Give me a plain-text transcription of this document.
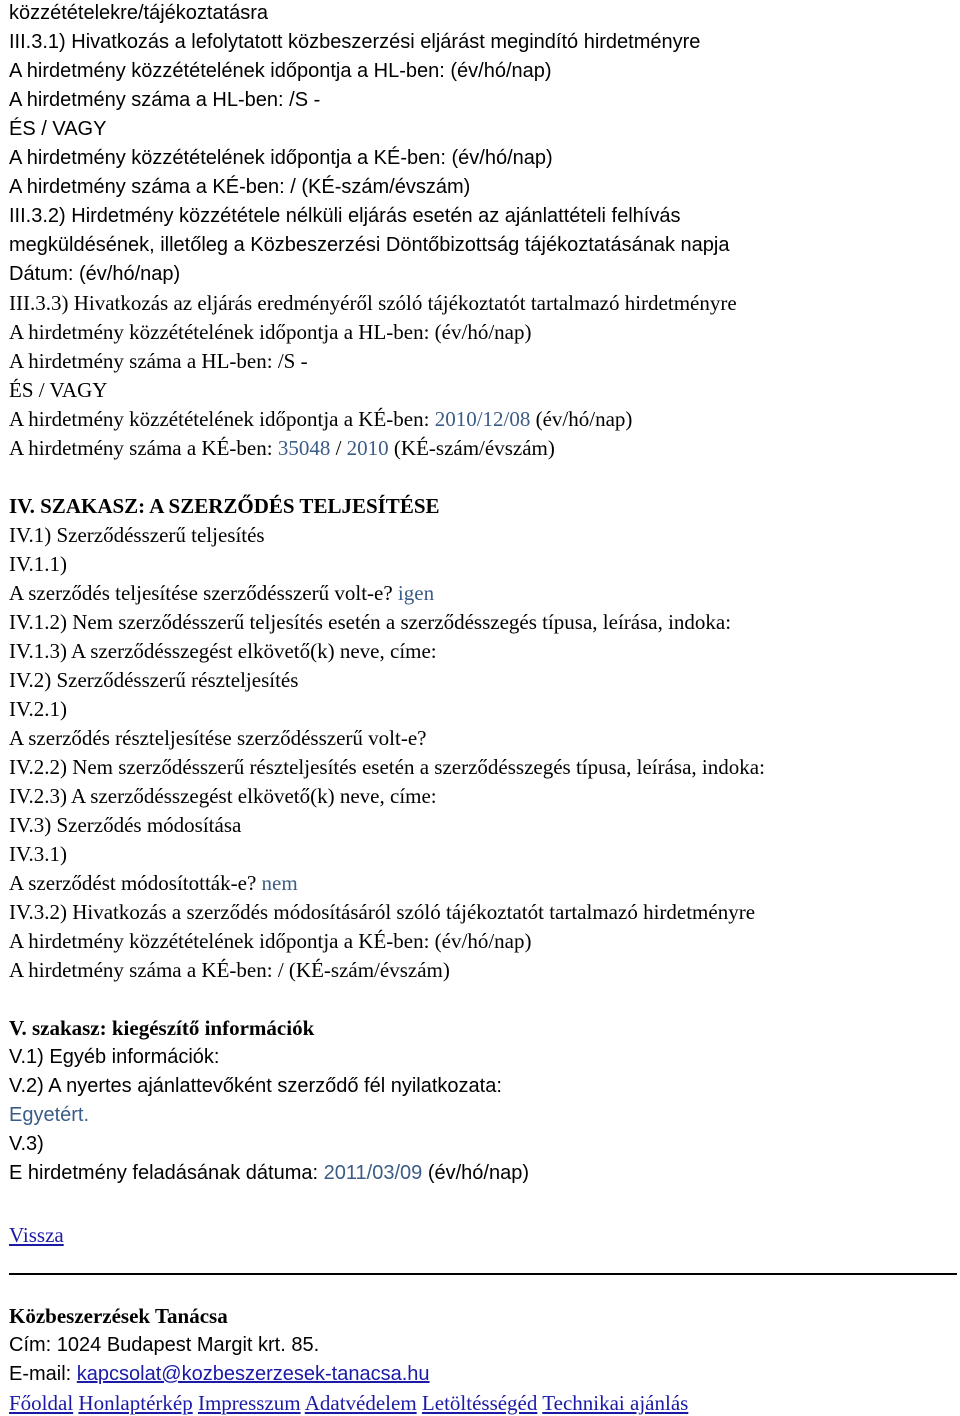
közzétételekre/tájékoztatásra
III.3.1) Hivatkozás a lefolytatott közbeszerzési eljárást megindító hirdetményre
A hirdetmény közzétételének időpontja a HL-ben: (év/hó/nap)
A hirdetmény száma a HL-ben: /S -
ÉS / VAGY
A hirdetmény közzétételének időpontja a KÉ-ben: (év/hó/nap)
A hirdetmény száma a KÉ-ben: / (KÉ-szám/évszám)
III.3.2) Hirdetmény közzététele nélküli eljárás esetén az ajánlattételi felhívás
megküldésének, illetőleg a Közbeszerzési Döntőbizottság tájékoztatásának napja
Dátum: (év/hó/nap)
III.3.3) Hivatkozás az eljárás eredményéről szóló tájékoztatót tartalmazó hirdetményre
A hirdetmény közzétételének időpontja a HL-ben: (év/hó/nap)
A hirdetmény száma a HL-ben: /S -
ÉS / VAGY
A hirdetmény közzétételének időpontja a KÉ-ben: 2010/12/08 (év/hó/nap)
A hirdetmény száma a KÉ-ben: 35048 / 2010 (KÉ-szám/évszám)
IV. SZAKASZ: A SZERZŐDÉS TELJESÍTÉSE
IV.1) Szerződésszerű teljesítés
IV.1.1)
A szerződés teljesítése szerződésszerű volt-e? igen
IV.1.2) Nem szerződésszerű teljesítés esetén a szerződésszegés típusa, leírása, indoka:
IV.1.3) A szerződésszegést elkövető(k) neve, címe:
IV.2) Szerződésszerű részteljesítés
IV.2.1)
A szerződés részteljesítése szerződésszerű volt-e?
IV.2.2) Nem szerződésszerű részteljesítés esetén a szerződésszegés típusa, leírása, indoka:
IV.2.3) A szerződésszegést elkövető(k) neve, címe:
IV.3) Szerződés módosítása
IV.3.1)
A szerződést módosították-e? nem
IV.3.2) Hivatkozás a szerződés módosításáról szóló tájékoztatót tartalmazó hirdetményre
A hirdetmény közzétételének időpontja a KÉ-ben: (év/hó/nap)
A hirdetmény száma a KÉ-ben: / (KÉ-szám/évszám)
V. szakasz: kiegészítő információk
V.1) Egyéb információk:
V.2) A nyertes ajánlattevőként szerződő fél nyilatkozata:
Egyetért.
V.3)
E hirdetmény feladásának dátuma: 2011/03/09 (év/hó/nap)
Vissza
Közbeszerzések Tanácsa
Cím: 1024 Budapest Margit krt. 85.
E-mail: kapcsolat@kozbeszerzesek-tanacsa.hu
Főoldal Honlaptérkép Impresszum Adatvédelem Letöltésségéd Technikai ajánlás
